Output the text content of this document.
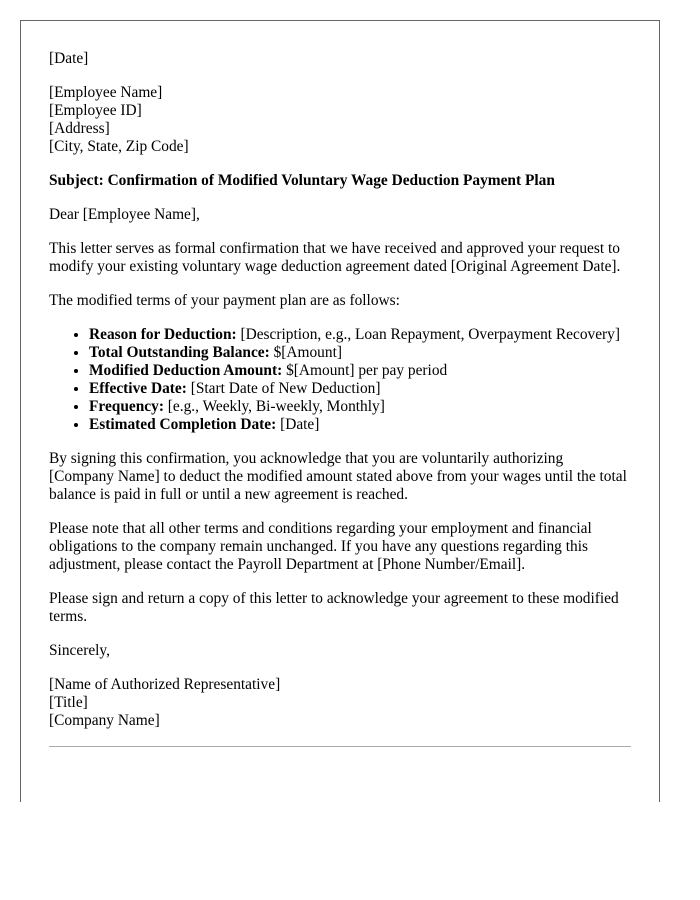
[Date]
[Employee Name]
[Employee ID]
[Address]
[City, State, Zip Code]
Subject: Confirmation of Modified Voluntary Wage Deduction Payment Plan
Dear [Employee Name],
This letter serves as formal confirmation that we have received and approved your request to modify your existing voluntary wage deduction agreement dated [Original Agreement Date].
The modified terms of your payment plan are as follows:
• Reason for Deduction: [Description, e.g., Loan Repayment, Overpayment Recovery]
• Total Outstanding Balance: $[Amount]
• Modified Deduction Amount: $[Amount] per pay period
• Effective Date: [Start Date of New Deduction]
• Frequency: [e.g., Weekly, Bi-weekly, Monthly]
• Estimated Completion Date: [Date]
By signing this confirmation, you acknowledge that you are voluntarily authorizing [Company Name] to deduct the modified amount stated above from your wages until the total balance is paid in full or until a new agreement is reached.
Please note that all other terms and conditions regarding your employment and financial obligations to the company remain unchanged. If you have any questions regarding this adjustment, please contact the Payroll Department at [Phone Number/Email].
Please sign and return a copy of this letter to acknowledge your agreement to these modified terms.
Sincerely,
[Name of Authorized Representative]
[Title]
[Company Name]
